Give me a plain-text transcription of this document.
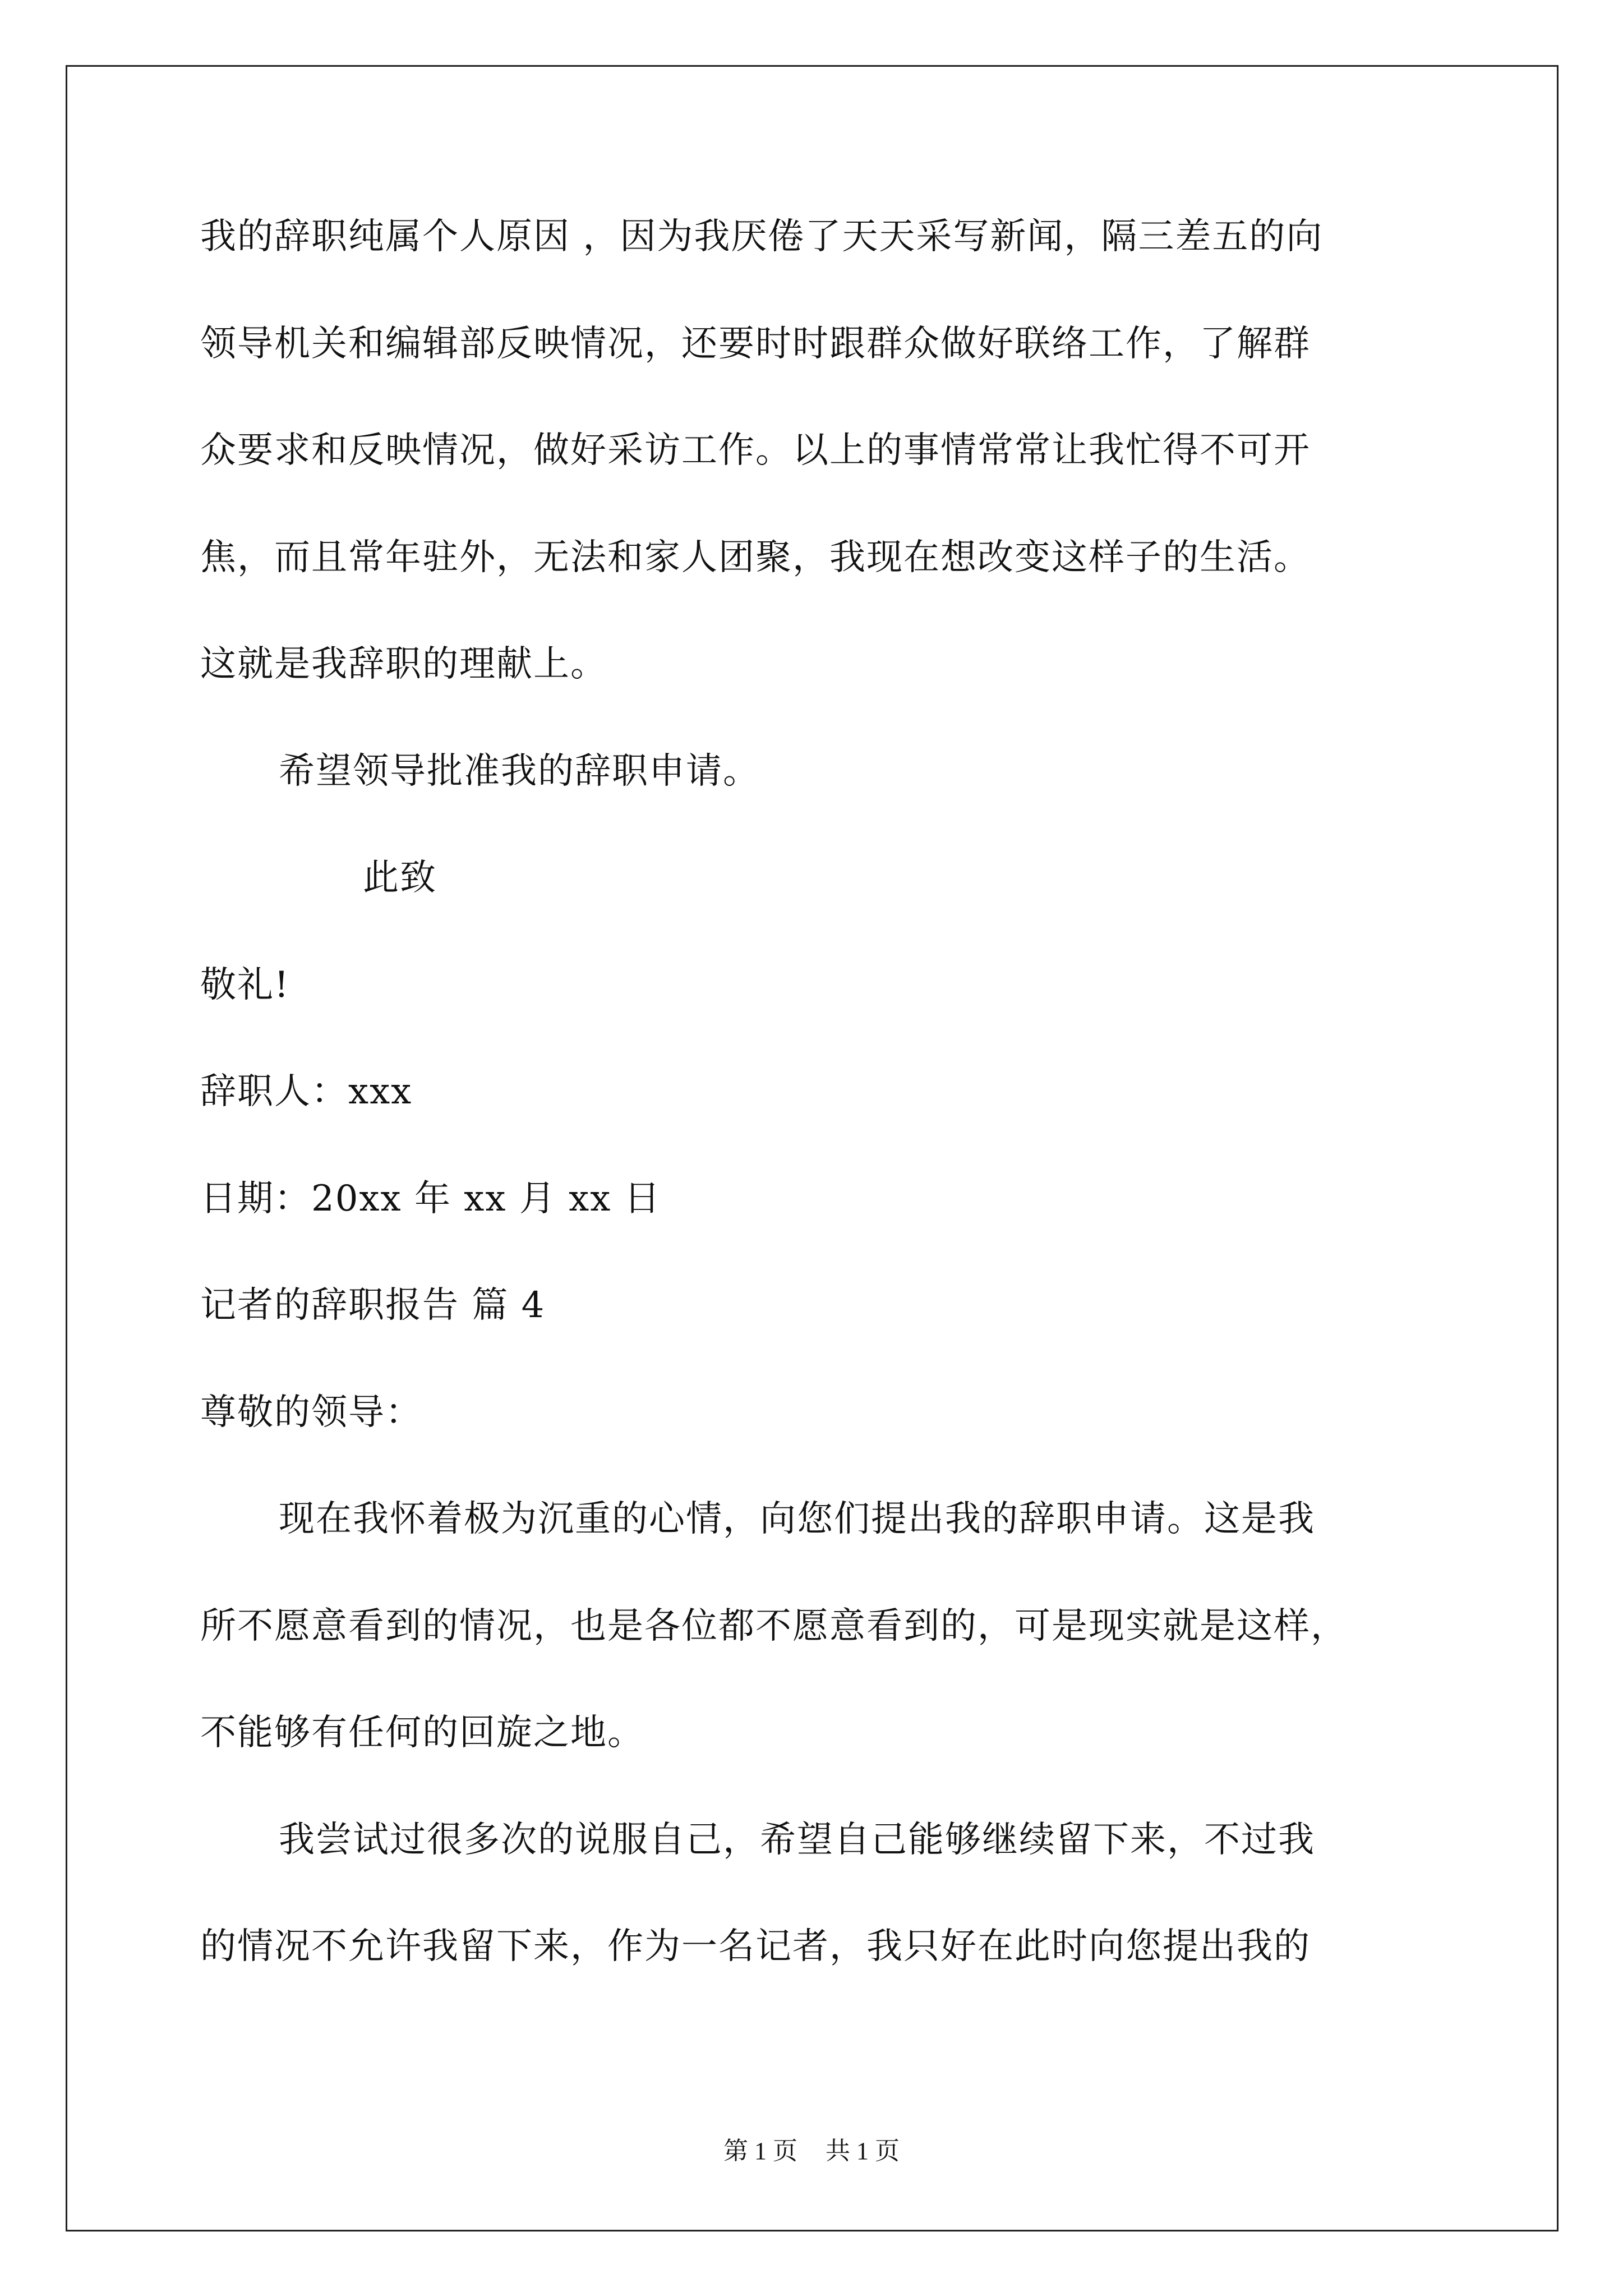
我的辞职纯属个人原因 ，因为我厌倦了天天采写新闻，隔三差五的向
领导机关和编辑部反映情况，还要时时跟群众做好联络工作，了解群
众要求和反映情况，做好采访工作。以上的事情常常让我忙得不可开
焦，而且常年驻外，无法和家人团聚，我现在想改变这样子的生活。
这就是我辞职的理献上。
希望领导批准我的辞职申请。
此致
敬礼!
辞职人：xxx
日期：20xx 年 xx 月 xx 日
记者的辞职报告 篇 4
尊敬的领导：
现在我怀着极为沉重的心情，向您们提出我的辞职申请。这是我
所不愿意看到的情况，也是各位都不愿意看到的，可是现实就是这样，
不能够有任何的回旋之地。
我尝试过很多次的说服自己，希望自己能够继续留下来，不过我
的情况不允许我留下来，作为一名记者，我只好在此时向您提出我的
第 1 页 共 1 页
